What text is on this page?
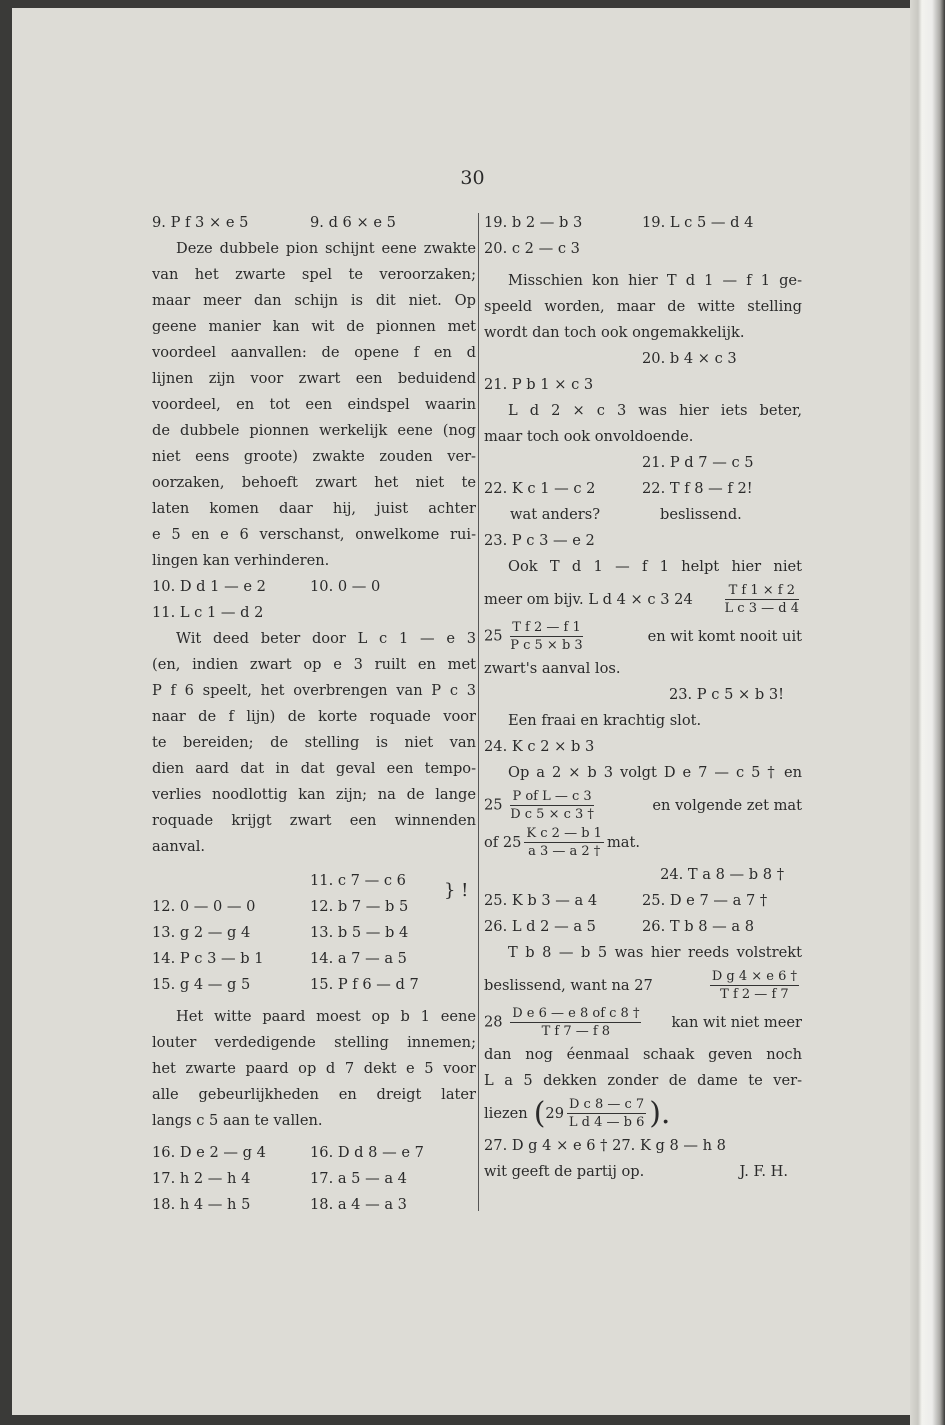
30
9. P f 3 × e 5	9. d 6 × e 5
Deze dubbele pion schijnt eene zwakte
van het zwarte spel te veroorzaken;
maar meer dan schijn is dit niet. Op
geene manier kan wit de pionnen met
voordeel aanvallen: de opene f en d
lijnen zijn voor zwart een beduidend
voordeel, en tot een eindspel waarin
de dubbele pionnen werkelijk eene (nog
niet eens groote) zwakte zouden ver-
oorzaken, behoeft zwart het niet te
laten komen daar hij, juist achter
e 5 en e 6 verschanst, onwelkome rui-
lingen kan verhinderen.
10. D d 1 — e 2	10. 0 — 0
11. L c 1 — d 2
Wit deed beter door L c 1 — e 3
(en, indien zwart op e 3 ruilt en met
P f 6 speelt, het overbrengen van P c 3
naar de f lijn) de korte roquade voor
te bereiden; de stelling is niet van
dien aard dat in dat geval een tempo-
verlies noodlottig kan zijn; na de lange
roquade krijgt zwart een winnenden
aanval.
11. c 7 — c 6
12. 0 — 0 — 0	12. b 7 — b 5
} !
13. g 2 — g 4	13. b 5 — b 4
14. P c 3 — b 1	14. a 7 — a 5
15. g 4 — g 5	15. P f 6 — d 7
Het witte paard moest op b 1 eene
louter verdedigende stelling innemen;
het zwarte paard op d 7 dekt e 5 voor
alle gebeurlijkheden en dreigt later
langs c 5 aan te vallen.
16. D e 2 — g 4	16. D d 8 — e 7
17. h 2 — h 4	17. a 5 — a 4
18. h 4 — h 5	18. a 4 — a 3
19. b 2 — b 3	19. L c 5 — d 4
20. c 2 — c 3
Misschien kon hier T d 1 — f 1 ge-
speeld worden, maar de witte stelling
wordt dan toch ook ongemakkelijk.
20. b 4 × c 3
21. P b 1 × c 3
L d 2 × c 3 was hier iets beter,
maar toch ook onvoldoende.
21. P d 7 — c 5
22. K c 1 — c 2	22. T f 8 — f 2!
wat anders?	beslissend.
23. P c 3 — e 2
Ook T d 1 — f 1 helpt hier niet
meer om bijv. L d 4 × c 3 $24 \frac{\text{T f 1 × f 2}}{\text{L c 3 — d 4}}$
$25 \frac{\text{T f 2 — f 1}}{\text{P c 5 × b 3}}$	en wit komt nooit uit
zwart's aanval los.
23. P c 5 × b 3!
Een fraai en krachtig slot.
24. K c 2 × b 3
Op a 2 × b 3 volgt D e 7 — c 5 † en
$25 \frac{\text{P of L — c 3}}{\text{D c 5 × c 3 †}}$	en volgende zet mat
of $25 \frac{\text{K c 2 — b 1}}{a 3 — a 2 \dagger}$ mat.
24. T a 8 — b 8 †
25. K b 3 — a 4	25. D e 7 — a 7 †
26. L d 2 — a 5	26. T b 8 — a 8
T b 8 — b 5 was hier reeds volstrekt
beslissend, want na 27	$\frac{\text{D g 4 × e 6 †}}{\text{T f 2 — f 7}}$
$28 \frac{\text{D e 6 — e 8 of c 8 †}}{\text{T f 7 — f 8}}$ kan wit niet meer
dan nog éenmaal schaak geven noch
L a 5 dekken zonder de dame te ver-
liezen ( $29 \frac{\text{D c 8 — c 7}}{\text{L d 4 — b 6}}$ ).
27. D g 4 × e 6 † 27. K g 8 — h 8
wit geeft de partij op.	J. F. H.
